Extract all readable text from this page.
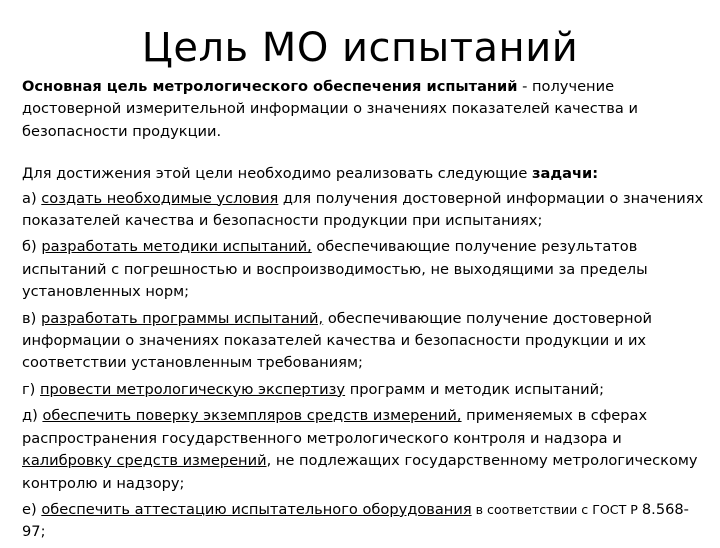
Цель МО испытаний

Основная цель метрологического обеспечения испытаний - получение достоверной измерительной информации о значениях показателей качества и безопасности продукции.

Для достижения этой цели необходимо реализовать следующие задачи:

а) создать необходимые условия для получения достоверной информации о значениях показателей качества и безопасности продукции при испытаниях;

б) разработать методики испытаний, обеспечивающие получение результатов испытаний с погрешностью и воспроизводимостью, не выходящими за пределы установленных норм;

в) разработать программы испытаний, обеспечивающие получение достоверной информации о значениях показателей качества и безопасности продукции и их соответствии установленным требованиям;

г) провести метрологическую экспертизу программ и методик испытаний;

д) обеспечить поверку экземпляров средств измерений, применяемых в сферах распространения государственного метрологического контроля и надзора и калибровку средств измерений, не подлежащих государственному метрологическому контролю и надзору;

е) обеспечить аттестацию испытательного оборудования в соответствии с ГОСТ Р 8.568-97;
